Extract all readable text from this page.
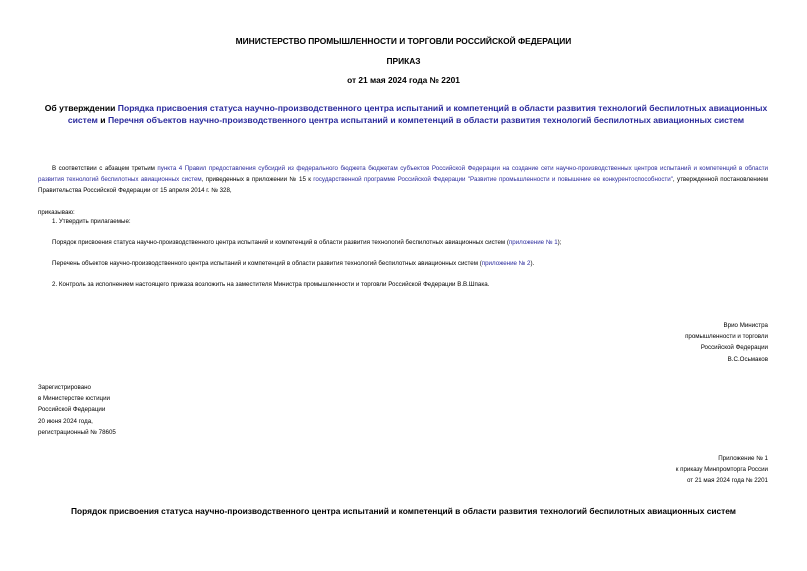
МИНИСТЕРСТВО ПРОМЫШЛЕННОСТИ И ТОРГОВЛИ РОССИЙСКОЙ ФЕДЕРАЦИИ
ПРИКАЗ
от 21 мая 2024 года № 2201
Об утверждении Порядка присвоения статуса научно-производственного центра испытаний и компетенций в области развития технологий беспилотных авиационных систем и Перечня объектов научно-производственного центра испытаний и компетенций в области развития технологий беспилотных авиационных систем
В соответствии с абзацем третьим пункта 4 Правил предоставления субсидий из федерального бюджета бюджетам субъектов Российской Федерации на создание сети научно-производственных центров испытаний и компетенций в области развития технологий беспилотных авиационных систем, приведенных в приложении № 15 к государственной программе Российской Федерации "Развитие промышленности и повышение ее конкурентоспособности", утвержденной постановлением Правительства Российской Федерации от 15 апреля 2014 г. № 328,
приказываю:
1. Утвердить прилагаемые:
Порядок присвоения статуса научно-производственного центра испытаний и компетенций в области развития технологий беспилотных авиационных систем (приложение № 1);
Перечень объектов научно-производственного центра испытаний и компетенций в области развития технологий беспилотных авиационных систем (приложение № 2).
2. Контроль за исполнением настоящего приказа возложить на заместителя Министра промышленности и торговли Российской Федерации В.В.Шпака.
Врио Министра
промышленности и торговли
Российской Федерации
В.С.Осьмаков
Зарегистрировано
в Министерстве юстиции
Российской Федерации
20 июня 2024 года,
регистрационный № 78605
Приложение № 1
к приказу Минпромторга России
от 21 мая 2024 года № 2201
Порядок присвоения статуса научно-производственного центра испытаний и компетенций в области развития технологий беспилотных авиационных систем
